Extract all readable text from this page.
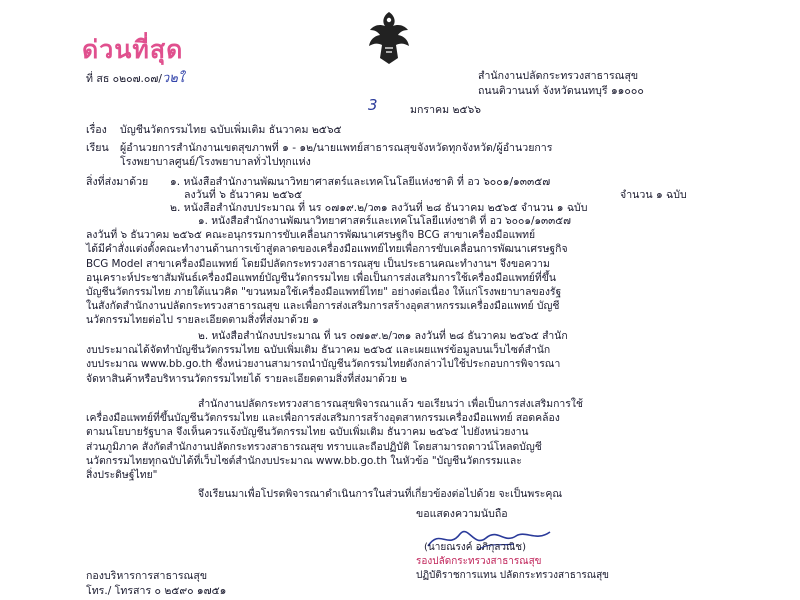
ด่วนที่สุด
ที่ สธ ๐๒๐๗.๐๗/ว๒ใ	สำนักงานปลัดกระทรวงสาธารณสุข
ถนนติวานนท์ จังหวัดนนทบุรี ๑๑๐๐๐
3	มกราคม ๒๕๖๖
เรื่อง บัญชีนวัตกรรมไทย ฉบับเพิ่มเติม ธันวาคม ๒๕๖๕
เรียน ผู้อำนวยการสำนักงานเขตสุขภาพที่ ๑ - ๑๒/นายแพทย์สาธารณสุขจังหวัดทุกจังหวัด/ผู้อำนวยการ
โรงพยาบาลศูนย์/โรงพยาบาลทั่วไปทุกแห่ง
สิ่งที่ส่งมาด้วย ๑. หนังสือสำนักงานพัฒนาวิทยาศาสตร์และเทคโนโลยีแห่งชาติ ที่ อว ๖๐๐๑/๑๓๓๕๗
ลงวันที่ ๖ ธันวาคม ๒๕๖๕	จำนวน ๑ ฉบับ
๒. หนังสือสำนักงบประมาณ ที่ นร ๐๗๑๙.๒/ว๓๑ ลงวันที่ ๒๘ ธันวาคม ๒๕๖๕ จำนวน ๑ ฉบับ
๑. หนังสือสำนักงานพัฒนาวิทยาศาสตร์และเทคโนโลยีแห่งชาติ ที่ อว ๖๐๐๑/๑๓๓๕๗
ลงวันที่ ๖ ธันวาคม ๒๕๖๕ คณะอนุกรรมการขับเคลื่อนการพัฒนาเศรษฐกิจ BCG สาขาเครื่องมือแพทย์
ได้มีคำสั่งแต่งตั้งคณะทำงานด้านการเข้าสู่ตลาดของเครื่องมือแพทย์ไทยเพื่อการขับเคลื่อนการพัฒนาเศรษฐกิจ
BCG Model สาขาเครื่องมือแพทย์ โดยมีปลัดกระทรวงสาธารณสุข เป็นประธานคณะทำงานฯ จึงขอความ
อนุเคราะห์ประชาสัมพันธ์เครื่องมือแพทย์บัญชีนวัตกรรมไทย เพื่อเป็นการส่งเสริมการใช้เครื่องมือแพทย์ที่ขึ้น
บัญชีนวัตกรรมไทย ภายใต้แนวคิด "ขวนหมอใช้เครื่องมือแพทย์ไทย" อย่างต่อเนื่อง ให้แก่โรงพยาบาลของรัฐ
ในสังกัดสำนักงานปลัดกระทรวงสาธารณสุข และเพื่อการส่งเสริมการสร้างอุตสาหกรรมเครื่องมือแพทย์ บัญชี
นวัตกรรมไทยต่อไป รายละเอียดตามสิ่งที่ส่งมาด้วย ๑
๒. หนังสือสำนักงบประมาณ ที่ นร ๐๗๑๙.๒/ว๓๑ ลงวันที่ ๒๘ ธันวาคม ๒๕๖๕ สำนัก
งบประมาณได้จัดทำบัญชีนวัตกรรมไทย ฉบับเพิ่มเติม ธันวาคม ๒๕๖๕ และเผยแพร่ข้อมูลบนเว็บไซต์สำนัก
งบประมาณ www.bb.go.th ซึ่งหน่วยงานสามารถนำบัญชีนวัตกรรมไทยดังกล่าวไปใช้ประกอบการพิจารณา
จัดหาสินค้าหรือบริหารนวัตกรรมไทยได้ รายละเอียดตามสิ่งที่ส่งมาด้วย ๒
สำนักงานปลัดกระทรวงสาธารณสุขพิจารณาแล้ว ขอเรียนว่า เพื่อเป็นการส่งเสริมการใช้
เครื่องมือแพทย์ที่ขึ้นบัญชีนวัตกรรมไทย และเพื่อการส่งเสริมการสร้างอุตสาหกรรมเครื่องมือแพทย์ สอดคล้อง
ตามนโยบายรัฐบาล จึงเห็นควรแจ้งบัญชีนวัตกรรมไทย ฉบับเพิ่มเติม ธันวาคม ๒๕๖๕ ไปยังหน่วยงาน
ส่วนภูมิภาค สังกัดสำนักงานปลัดกระทรวงสาธารณสุข ทราบและถือปฏิบัติ โดยสามารถดาวน์โหลดบัญชี
นวัตกรรมไทยทุกฉบับได้ที่เว็บไซต์สำนักงบประมาณ www.bb.go.th ในหัวข้อ "บัญชีนวัตกรรมและ
สิ่งประดิษฐ์ไทย"
จึงเรียนมาเพื่อโปรดพิจารณาดำเนินการในส่วนที่เกี่ยวข้องต่อไปด้วย จะเป็นพระคุณ
ขอแสดงความนับถือ
(นายณรงค์ อภิกุลวณิช)
รองปลัดกระทรวงสาธารณสุข
ปฏิบัติราชการแทน ปลัดกระทรวงสาธารณสุข
กองบริหารการสาธารณสุข
โทร./ โทรสาร ๐ ๒๕๙๐ ๑๗๕๑
